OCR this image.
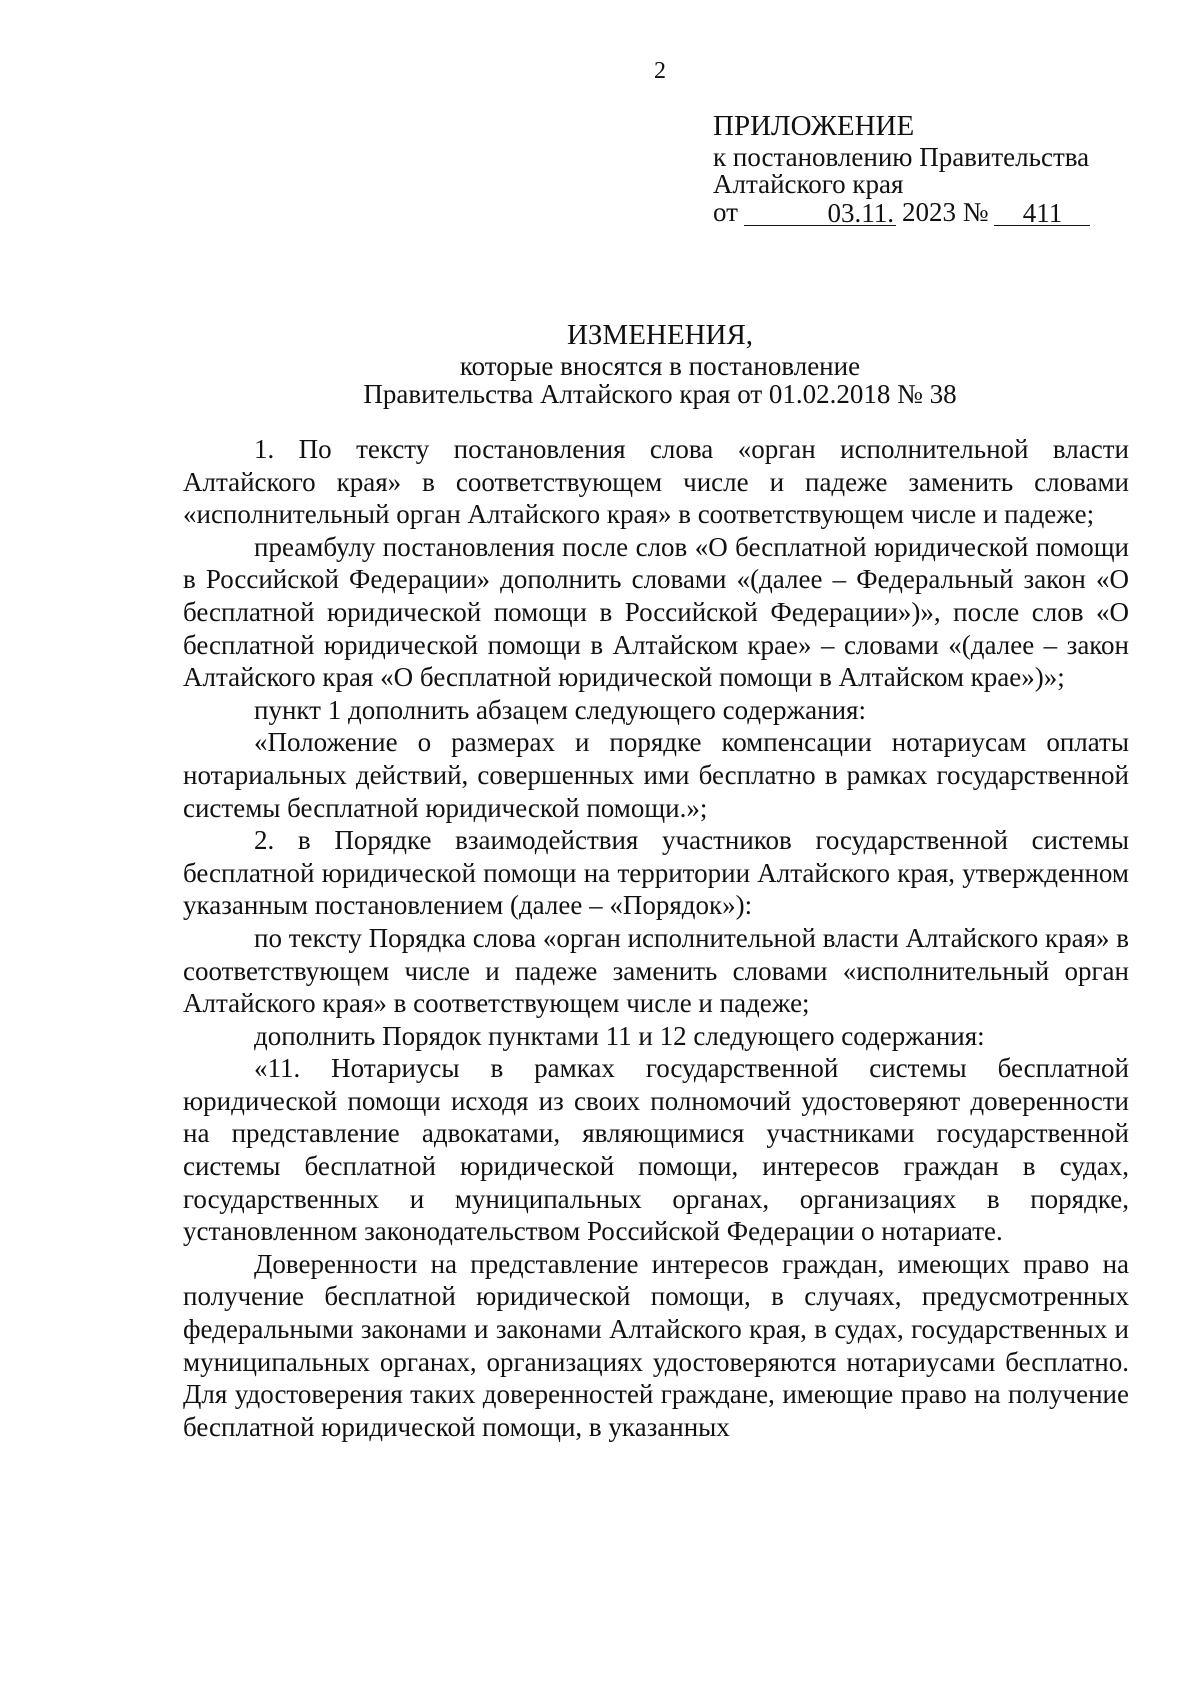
2
ПРИЛОЖЕНИЕ
к постановлению Правительства
Алтайского края
от	03.11. 2023 №	411
ИЗМЕНЕНИЯ,
которые вносятся в постановление
Правительства Алтайского края от 01.02.2018 № 38

1. По тексту постановления слова «орган исполнительной власти Алтайского края» в соответствующем числе и падеже заменить словами «исполнительный орган Алтайского края» в соответствующем числе и падеже;

преамбулу постановления после слов «О бесплатной юридической помощи в Российской Федерации» дополнить словами «(далее – Федеральный закон «О бесплатной юридической помощи в Российской Федерации»)», после слов «О бесплатной юридической помощи в Алтайском крае» – словами «(далее – закон Алтайского края «О бесплатной юридической помощи в Алтайском крае»)»;

пункт 1 дополнить абзацем следующего содержания:

«Положение о размерах и порядке компенсации нотариусам оплаты нотариальных действий, совершенных ими бесплатно в рамках государственной системы бесплатной юридической помощи.»;

2. в Порядке взаимодействия участников государственной системы бесплатной юридической помощи на территории Алтайского края, утвержденном указанным постановлением (далее – «Порядок»):

по тексту Порядка слова «орган исполнительной власти Алтайского края» в соответствующем числе и падеже заменить словами «исполнительный орган Алтайского края» в соответствующем числе и падеже;

дополнить Порядок пунктами 11 и 12 следующего содержания:

«11. Нотариусы в рамках государственной системы бесплатной юридической помощи исходя из своих полномочий удостоверяют доверенности на представление адвокатами, являющимися участниками государственной системы бесплатной юридической помощи, интересов граждан в судах, государственных и муниципальных органах, организациях в порядке, установленном законодательством Российской Федерации о нотариате.

Доверенности на представление интересов граждан, имеющих право на получение бесплатной юридической помощи, в случаях, предусмотренных федеральными законами и законами Алтайского края, в судах, государственных и муниципальных органах, организациях удостоверяются нотариусами бесплатно. Для удостоверения таких доверенностей граждане, имеющие право на получение бесплатной юридической помощи, в указанных
